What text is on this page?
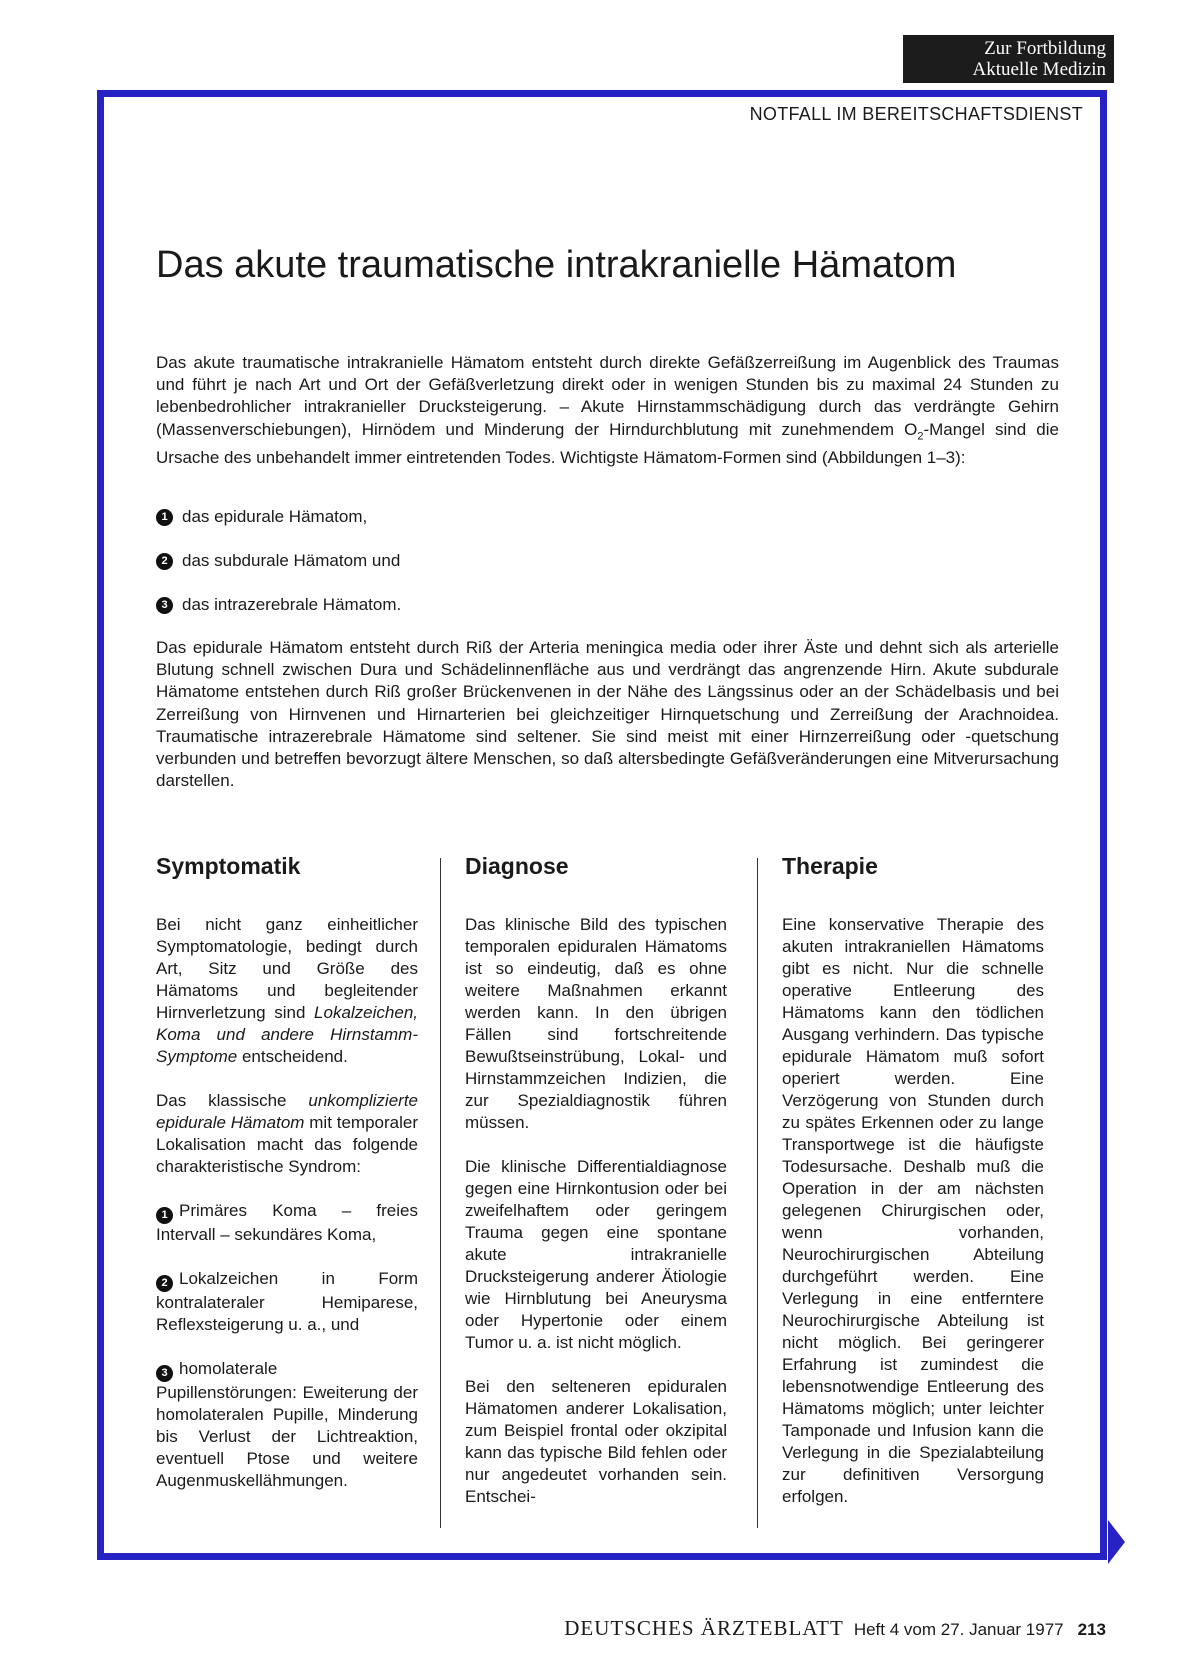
Zur Fortbildung
Aktuelle Medizin
NOTFALL IM BEREITSCHAFTSDIENST
Das akute traumatische intrakranielle Hämatom

Das akute traumatische intrakranielle Hämatom entsteht durch direkte Gefäßzerreißung im Augenblick des Traumas und führt je nach Art und Ort der Gefäßverletzung direkt oder in wenigen Stunden bis zu maximal 24 Stunden zu lebenbedrohlicher intrakranieller Drucksteigerung. – Akute Hirnstammschädigung durch das verdrängte Gehirn (Massenverschiebungen), Hirnödem und Minderung der Hirndurchblutung mit zunehmendem $O_2$-Mangel sind die Ursache des unbehandelt immer eintretenden Todes. Wichtigste Hämatom-Formen sind (Abbildungen 1–3):

1 das epidurale Hämatom,
2 das subdurale Hämatom und
3 das intrazerebrale Hämatom.

Das epidurale Hämatom entsteht durch Riß der Arteria meningica media oder ihrer Äste und dehnt sich als arterielle Blutung schnell zwischen Dura und Schädelinnenfläche aus und verdrängt das angrenzende Hirn. Akute subdurale Hämatome entstehen durch Riß großer Brückenvenen in der Nähe des Längssinus oder an der Schädelbasis und bei Zerreißung von Hirnvenen und Hirnarterien bei gleichzeitiger Hirnquetschung und Zerreißung der Arachnoidea. Traumatische intrazerebrale Hämatome sind seltener. Sie sind meist mit einer Hirnzerreißung oder -quetschung verbunden und betreffen bevorzugt ältere Menschen, so daß altersbedingte Gefäßveränderungen eine Mitverursachung darstellen.

Symptomatik

Bei nicht ganz einheitlicher Symptomatologie, bedingt durch Art, Sitz und Größe des Hämatoms und begleitender Hirnverletzung sind Lokalzeichen, Koma und andere Hirnstamm-Symptome entscheidend.

Das klassische unkomplizierte epidurale Hämatom mit temporaler Lokalisation macht das folgende charakteristische Syndrom:

1 Primäres Koma – freies Intervall – sekundäres Koma,

2 Lokalzeichen in Form kontralateraler Hemiparese, Reflexsteigerung u. a., und

3 homolaterale Pupillenstörungen: Eweiterung der homolateralen Pupille, Minderung bis Verlust der Lichtreaktion, eventuell Ptose und weitere Augenmuskellähmungen.

Diagnose

Das klinische Bild des typischen temporalen epiduralen Hämatoms ist so eindeutig, daß es ohne weitere Maßnahmen erkannt werden kann. In den übrigen Fällen sind fortschreitende Bewußtseinstrübung, Lokal- und Hirnstammzeichen Indizien, die zur Spezialdiagnostik führen müssen.

Die klinische Differentialdiagnose gegen eine Hirnkontusion oder bei zweifelhaftem oder geringem Trauma gegen eine spontane akute intrakranielle Drucksteigerung anderer Ätiologie wie Hirnblutung bei Aneurysma oder Hypertonie oder einem Tumor u. a. ist nicht möglich.

Bei den selteneren epiduralen Hämatomen anderer Lokalisation, zum Beispiel frontal oder okzipital kann das typische Bild fehlen oder nur angedeutet vorhanden sein. Entschei-

Therapie

Eine konservative Therapie des akuten intrakraniellen Hämatoms gibt es nicht. Nur die schnelle operative Entleerung des Hämatoms kann den tödlichen Ausgang verhindern. Das typische epidurale Hämatom muß sofort operiert werden. Eine Verzögerung von Stunden durch zu spätes Erkennen oder zu lange Transportwege ist die häufigste Todesursache. Deshalb muß die Operation in der am nächsten gelegenen Chirurgischen oder, wenn vorhanden, Neurochirurgischen Abteilung durchgeführt werden. Eine Verlegung in eine entferntere Neurochirurgische Abteilung ist nicht möglich. Bei geringerer Erfahrung ist zumindest die lebensnotwendige Entleerung des Hämatoms möglich; unter leichter Tamponade und Infusion kann die Verlegung in die Spezialabteilung zur definitiven Versorgung erfolgen.

DEUTSCHES ÄRZTEBLATT Heft 4 vom 27. Januar 1977 213
